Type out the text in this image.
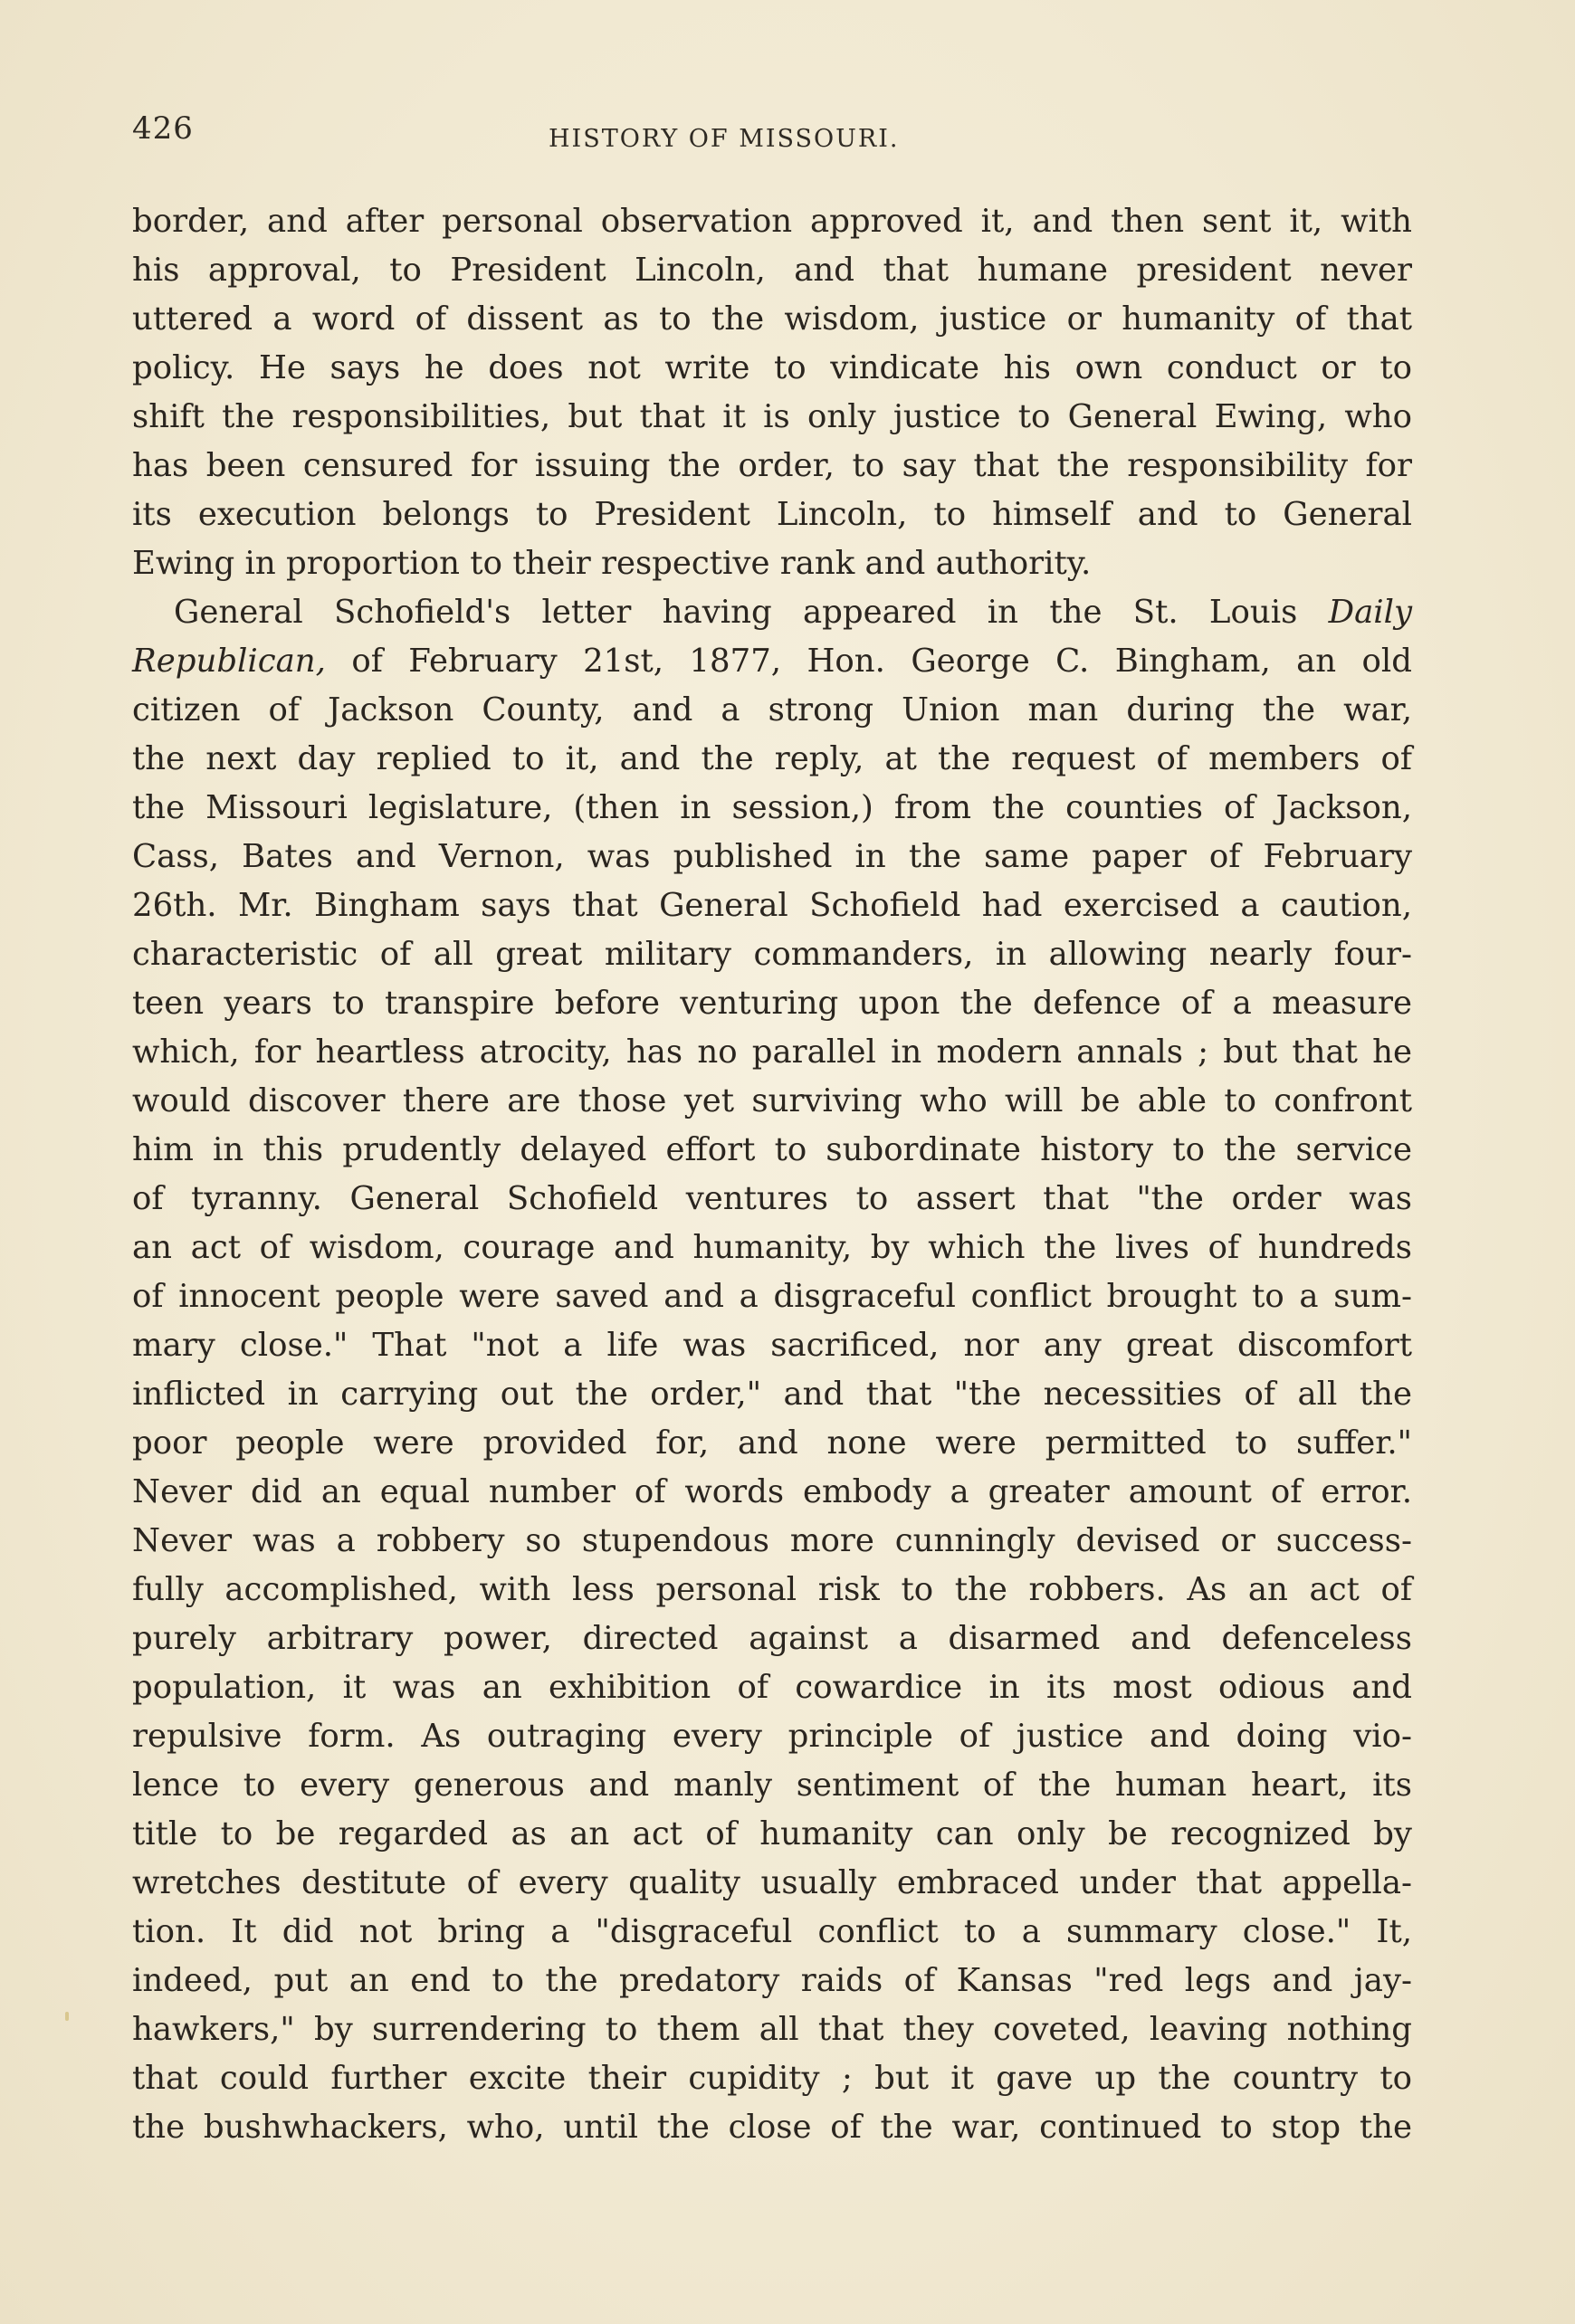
426	HISTORY OF MISSOURI.
border, and after personal observation approved it, and then sent it, with
his approval, to President Lincoln, and that humane president never
uttered a word of dissent as to the wisdom, justice or humanity of that
policy. He says he does not write to vindicate his own conduct or to
shift the responsibilities, but that it is only justice to General Ewing, who
has been censured for issuing the order, to say that the responsibility for
its execution belongs to President Lincoln, to himself and to General
Ewing in proportion to their respective rank and authority.
General Schofield's letter having appeared in the St. Louis Daily
Republican, of February 21st, 1877, Hon. George C. Bingham, an old
citizen of Jackson County, and a strong Union man during the war,
the next day replied to it, and the reply, at the request of members of
the Missouri legislature, (then in session,) from the counties of Jackson,
Cass, Bates and Vernon, was published in the same paper of February
26th. Mr. Bingham says that General Schofield had exercised a caution,
characteristic of all great military commanders, in allowing nearly four-
teen years to transpire before venturing upon the defence of a measure
which, for heartless atrocity, has no parallel in modern annals ; but that he
would discover there are those yet surviving who will be able to confront
him in this prudently delayed effort to subordinate history to the service
of tyranny. General Schofield ventures to assert that "the order was
an act of wisdom, courage and humanity, by which the lives of hundreds
of innocent people were saved and a disgraceful conflict brought to a sum-
mary close." That "not a life was sacrificed, nor any great discomfort
inflicted in carrying out the order," and that "the necessities of all the
poor people were provided for, and none were permitted to suffer."
Never did an equal number of words embody a greater amount of error.
Never was a robbery so stupendous more cunningly devised or success-
fully accomplished, with less personal risk to the robbers. As an act of
purely arbitrary power, directed against a disarmed and defenceless
population, it was an exhibition of cowardice in its most odious and
repulsive form. As outraging every principle of justice and doing vio-
lence to every generous and manly sentiment of the human heart, its
title to be regarded as an act of humanity can only be recognized by
wretches destitute of every quality usually embraced under that appella-
tion. It did not bring a "disgraceful conflict to a summary close." It,
indeed, put an end to the predatory raids of Kansas "red legs and jay-
hawkers," by surrendering to them all that they coveted, leaving nothing
that could further excite their cupidity ; but it gave up the country to
the bushwhackers, who, until the close of the war, continued to stop the
